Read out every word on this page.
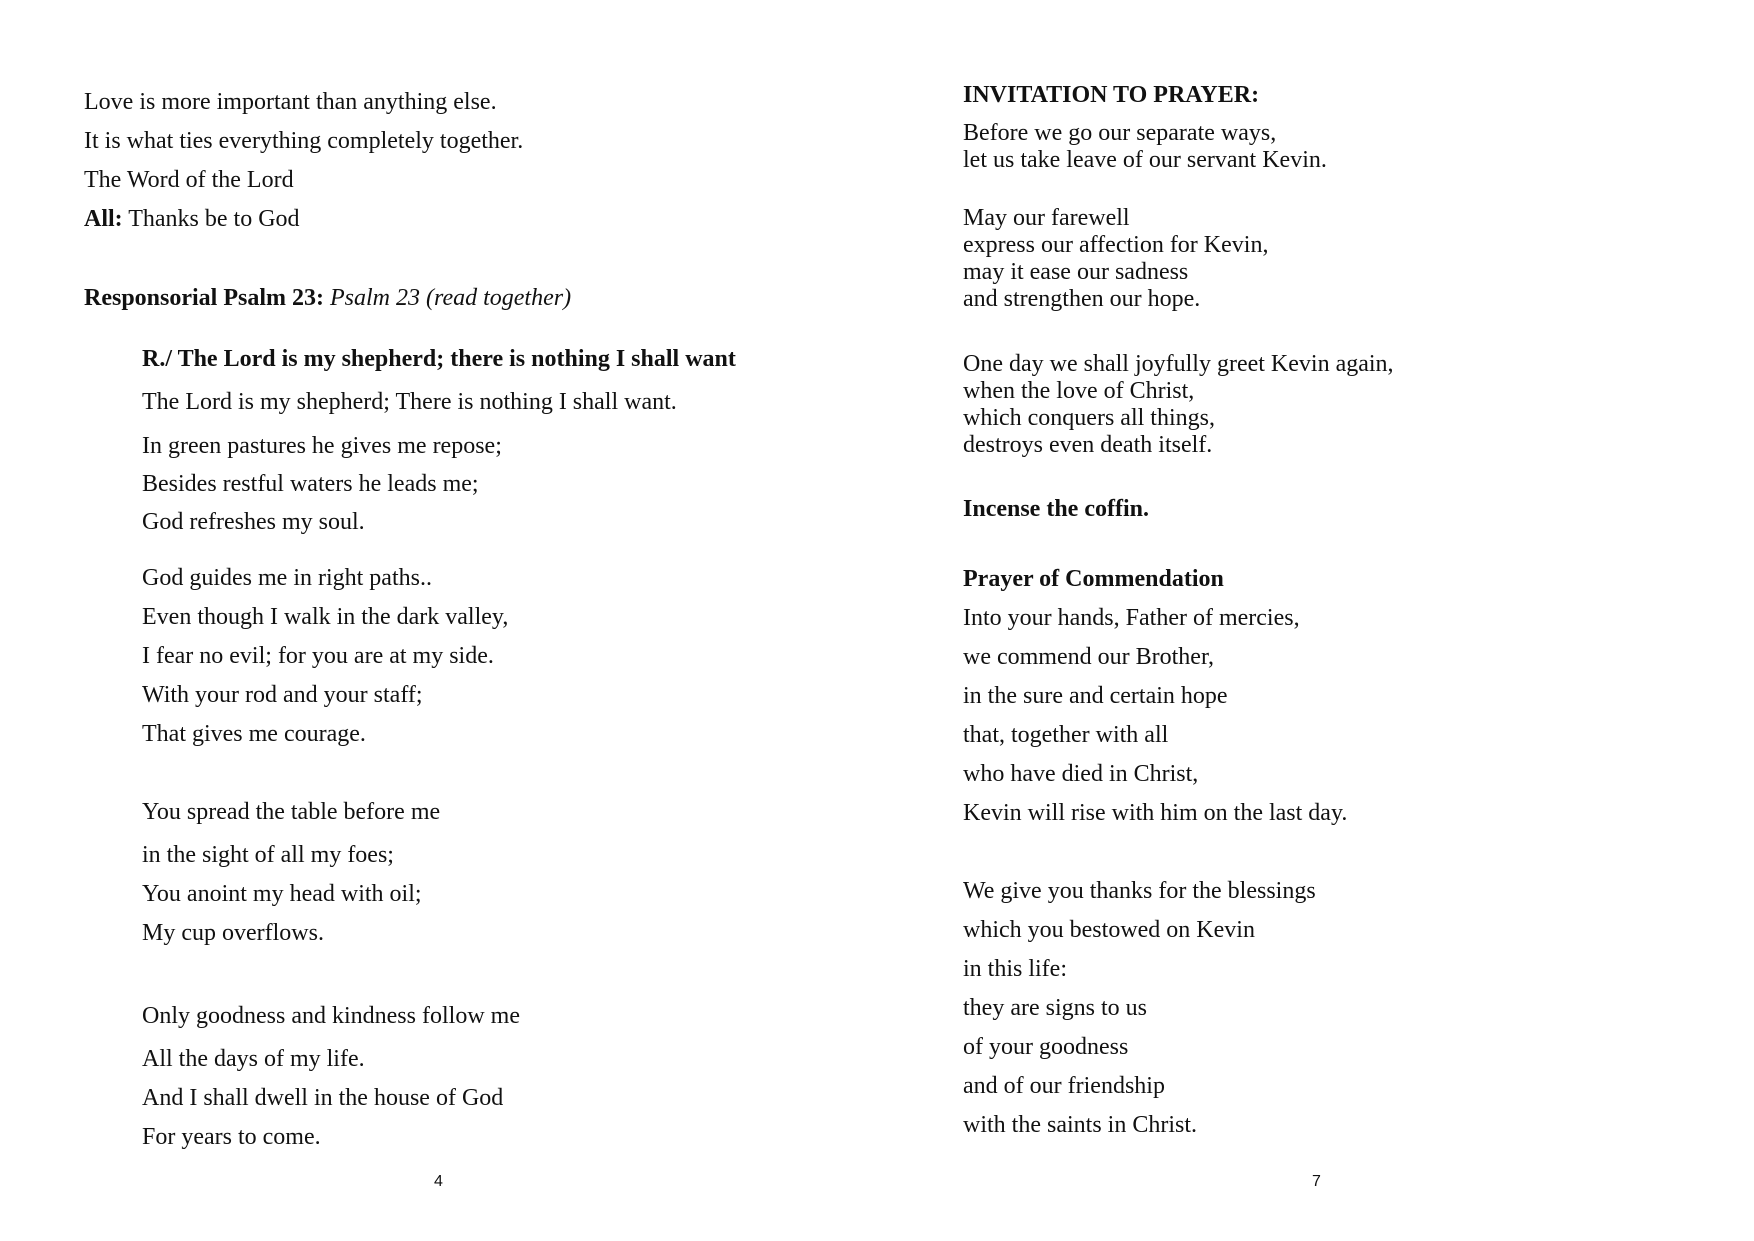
Love is more important than anything else.
It is what ties everything completely together.
The Word of the Lord
All: Thanks be to God
Responsorial Psalm 23: Psalm 23 (read together)
R./ The Lord is my shepherd; there is nothing I shall want
The Lord is my shepherd; There is nothing I shall want.
In green pastures he gives me repose;
Besides restful waters he leads me;
God refreshes my soul.
God guides me in right paths..
Even though I walk in the dark valley,
I fear no evil; for you are at my side.
With your rod and your staff;
That gives me courage.
You spread the table before me
in the sight of all my foes;
You anoint my head with oil;
My cup overflows.
Only goodness and kindness follow me
All the days of my life.
And I shall dwell in the house of God
For years to come.
4
INVITATION TO PRAYER:
Before we go our separate ways,
let us take leave of our servant Kevin.
May our farewell
express our affection for Kevin,
may it ease our sadness
and strengthen our hope.
One day we shall joyfully greet Kevin again,
when the love of Christ,
which conquers all things,
destroys even death itself.
Incense the coffin.
Prayer of Commendation
Into your hands, Father of mercies,
we commend our Brother,
in the sure and certain hope
that, together with all
who have died in Christ,
Kevin will rise with him on the last day.
We give you thanks for the blessings
which you bestowed on Kevin
in this life:
they are signs to us
of your goodness
and of our friendship
with the saints in Christ.
7
